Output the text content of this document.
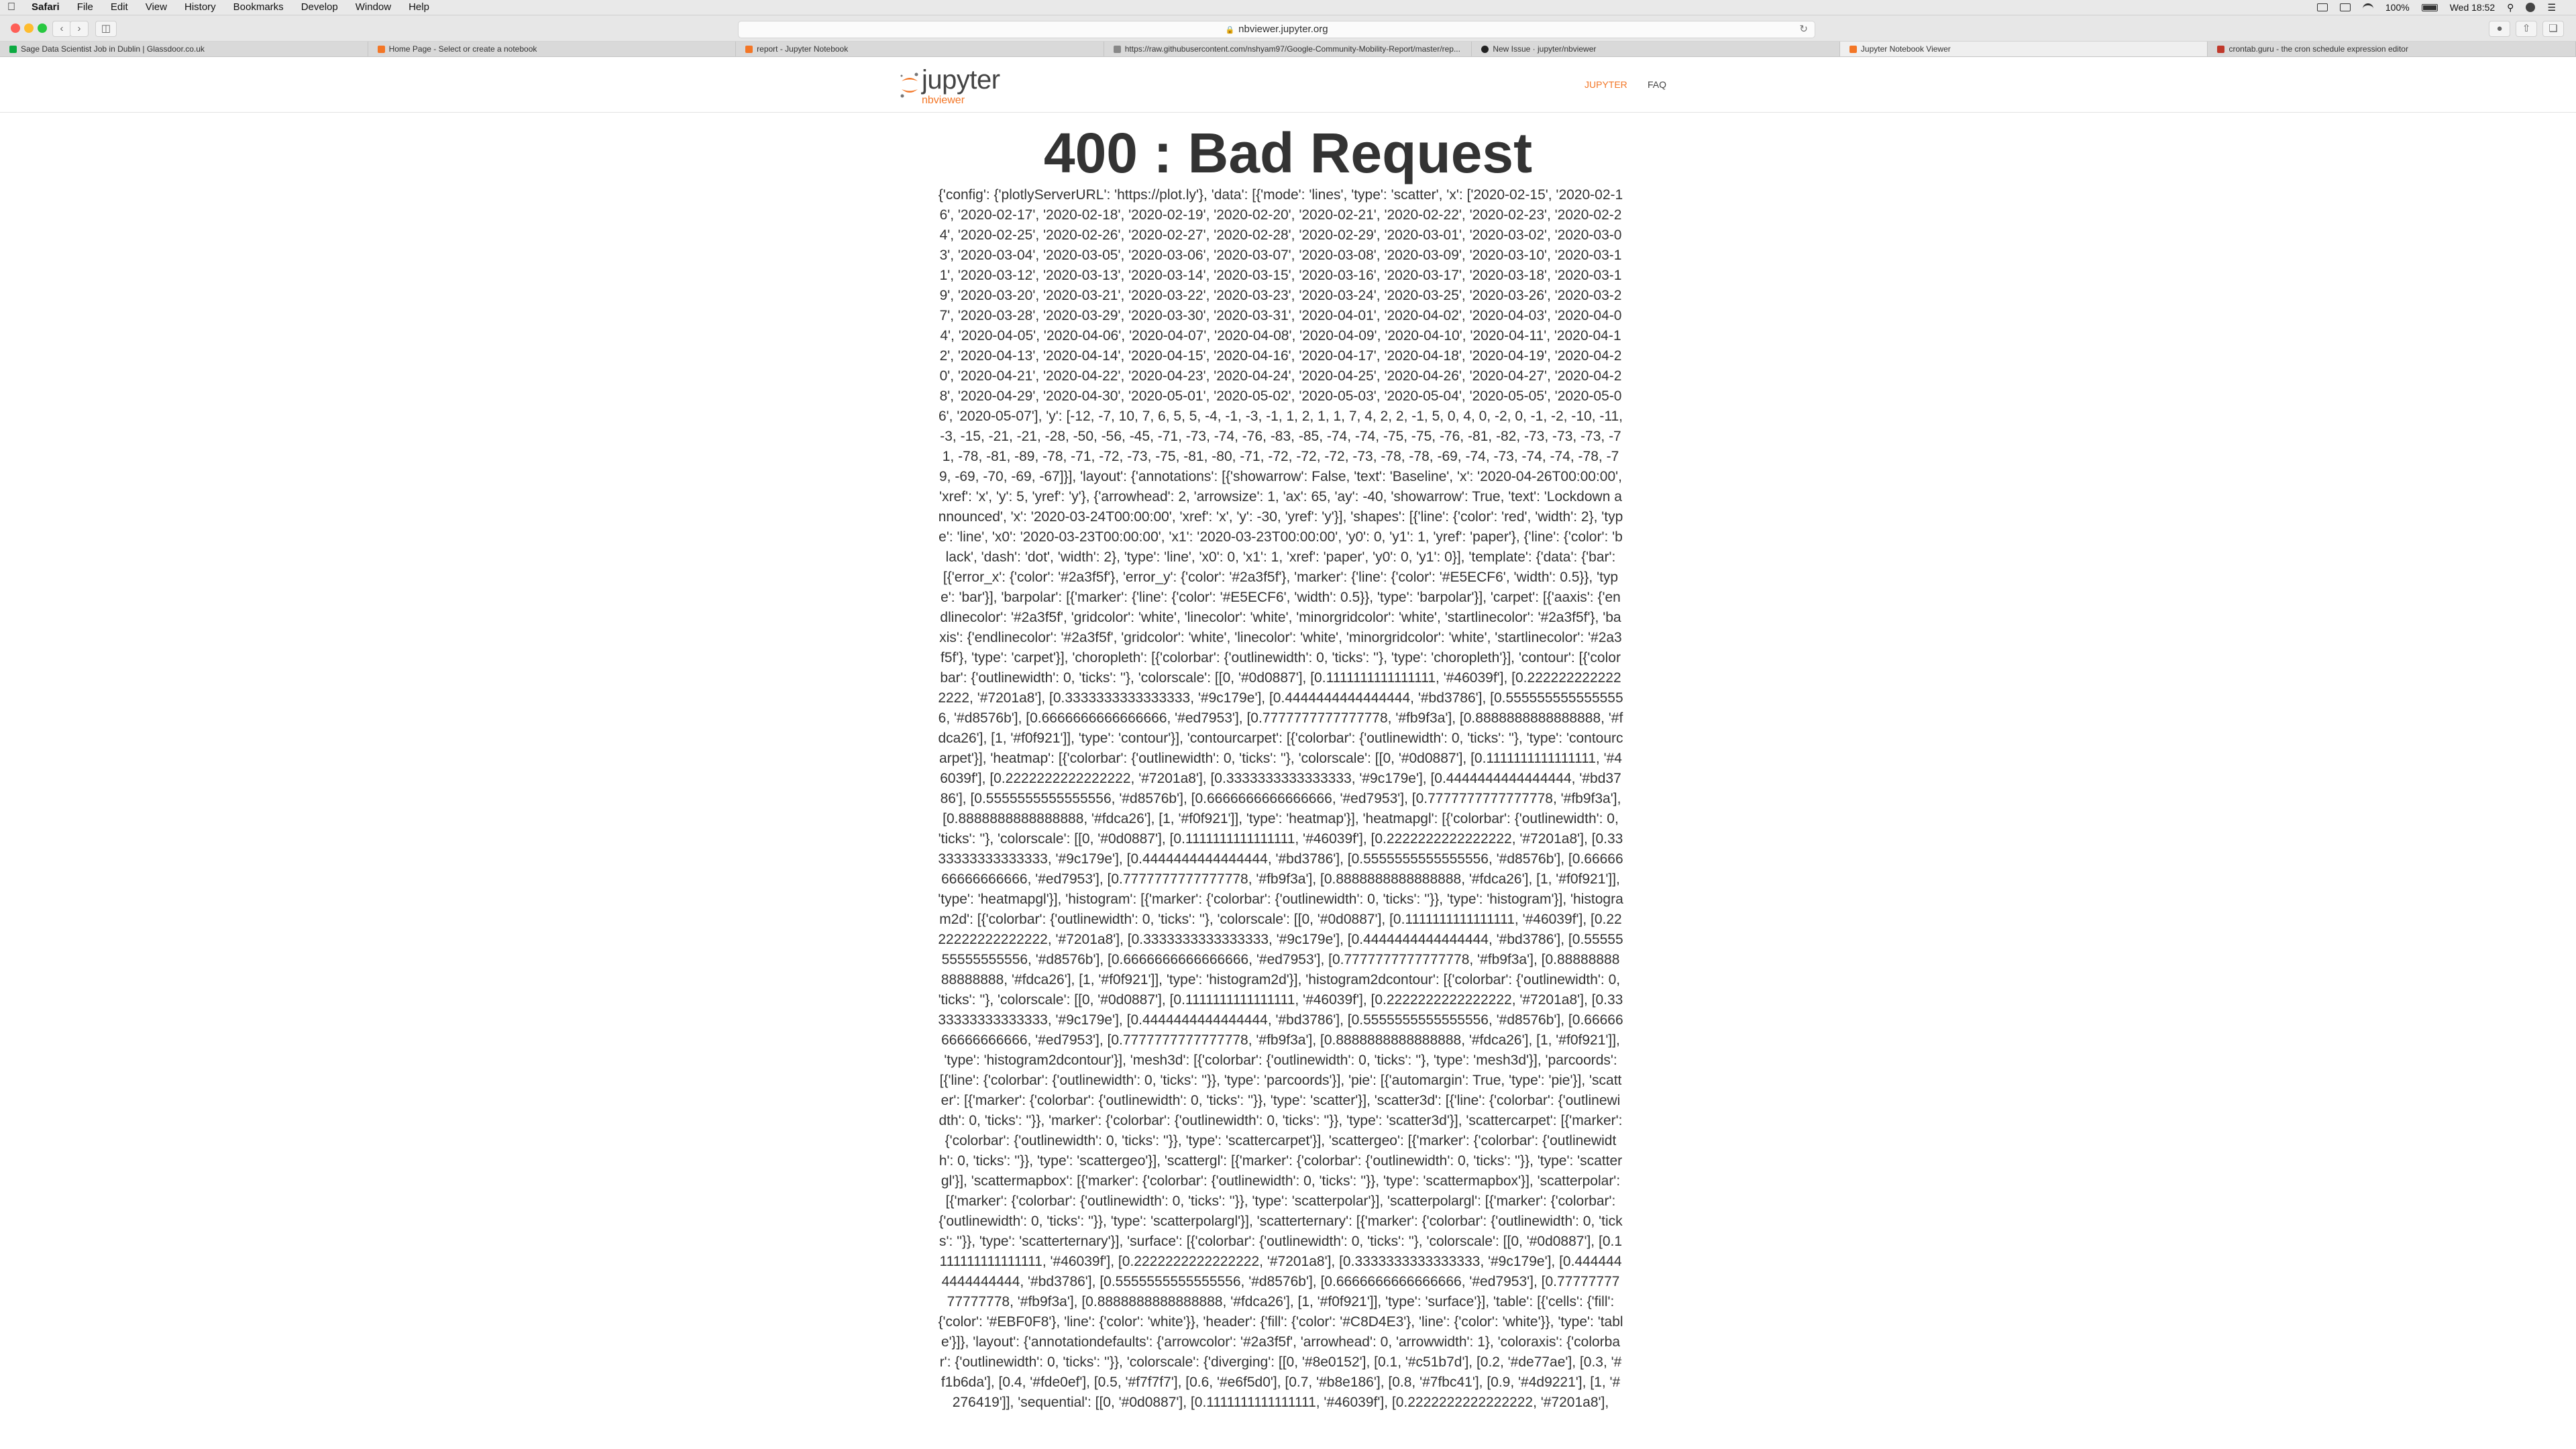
Safari	File	Edit	View	History	Bookmarks	Develop	Window	Help	100%	Wed 18:52 ⚲	☰
‹	›	◫	🔒 nbviewer.jupyter.org	↻	●	⇧	❏
Sage Data Scientist Job in Dublin | Glassdoor.co.uk	Home Page - Select or create a notebook	report - Jupyter Notebook	https://raw.githubusercontent.com/nshyam97/Google-Community-Mobility-Report/master/rep...	New Issue · jupyter/nbviewer	Jupyter Notebook Viewer	crontab.guru - the cron schedule expression editor
jupyter
nbviewer
JUPYTER FAQ
400 : Bad Request

{'config': {'plotlyServerURL': 'https://plot.ly'}, 'data': [{'mode': 'lines', 'type': 'scatter', 'x': ['2020-02-15', '2020-02-16', '2020-02-17', '2020-02-18', '2020-02-19', '2020-02-20', '2020-02-21', '2020-02-22', '2020-02-23', '2020-02-24', '2020-02-25', '2020-02-26', '2020-02-27', '2020-02-28', '2020-02-29', '2020-03-01', '2020-03-02', '2020-03-03', '2020-03-04', '2020-03-05', '2020-03-06', '2020-03-07', '2020-03-08', '2020-03-09', '2020-03-10', '2020-03-11', '2020-03-12', '2020-03-13', '2020-03-14', '2020-03-15', '2020-03-16', '2020-03-17', '2020-03-18', '2020-03-19', '2020-03-20', '2020-03-21', '2020-03-22', '2020-03-23', '2020-03-24', '2020-03-25', '2020-03-26', '2020-03-27', '2020-03-28', '2020-03-29', '2020-03-30', '2020-03-31', '2020-04-01', '2020-04-02', '2020-04-03', '2020-04-04', '2020-04-05', '2020-04-06', '2020-04-07', '2020-04-08', '2020-04-09', '2020-04-10', '2020-04-11', '2020-04-12', '2020-04-13', '2020-04-14', '2020-04-15', '2020-04-16', '2020-04-17', '2020-04-18', '2020-04-19', '2020-04-20', '2020-04-21', '2020-04-22', '2020-04-23', '2020-04-24', '2020-04-25', '2020-04-26', '2020-04-27', '2020-04-28', '2020-04-29', '2020-04-30', '2020-05-01', '2020-05-02', '2020-05-03', '2020-05-04', '2020-05-05', '2020-05-06', '2020-05-07'], 'y': [-12, -7, 10, 7, 6, 5, 5, -4, -1, -3, -1, 1, 2, 1, 1, 7, 4, 2, 2, -1, 5, 0, 4, 0, -2, 0, -1, -2, -10, -11, -3, -15, -21, -21, -28, -50, -56, -45, -71, -73, -74, -76, -83, -85, -74, -74, -75, -75, -76, -81, -82, -73, -73, -73, -71, -78, -81, -89, -78, -71, -72, -73, -75, -81, -80, -71, -72, -72, -72, -73, -78, -78, -69, -74, -73, -74, -74, -78, -79, -69, -70, -69, -67]}], 'layout': {'annotations': [{'showarrow': False, 'text': 'Baseline', 'x': '2020-04-26T00:00:00', 'xref': 'x', 'y': 5, 'yref': 'y'}, {'arrowhead': 2, 'arrowsize': 1, 'ax': 65, 'ay': -40, 'showarrow': True, 'text': 'Lockdown announced', 'x': '2020-03-24T00:00:00', 'xref': 'x', 'y': -30, 'yref': 'y'}], 'shapes': [{'line': {'color': 'red', 'width': 2}, 'type': 'line', 'x0': '2020-03-23T00:00:00', 'x1': '2020-03-23T00:00:00', 'y0': 0, 'y1': 1, 'yref': 'paper'}, {'line': {'color': 'black', 'dash': 'dot', 'width': 2}, 'type': 'line', 'x0': 0, 'x1': 1, 'xref': 'paper', 'y0': 0, 'y1': 0}], 'template': {'data': {'bar': [{'error_x': {'color': '#2a3f5f'}, 'error_y': {'color': '#2a3f5f'}, 'marker': {'line': {'color': '#E5ECF6', 'width': 0.5}}, 'type': 'bar'}], 'barpolar': [{'marker': {'line': {'color': '#E5ECF6', 'width': 0.5}}, 'type': 'barpolar'}], 'carpet': [{'aaxis': {'endlinecolor': '#2a3f5f', 'gridcolor': 'white', 'linecolor': 'white', 'minorgridcolor': 'white', 'startlinecolor': '#2a3f5f'}, 'baxis': {'endlinecolor': '#2a3f5f', 'gridcolor': 'white', 'linecolor': 'white', 'minorgridcolor': 'white', 'startlinecolor': '#2a3f5f'}, 'type': 'carpet'}], 'choropleth': [{'colorbar': {'outlinewidth': 0, 'ticks': ''}, 'type': 'choropleth'}], 'contour': [{'colorbar': {'outlinewidth': 0, 'ticks': ''}, 'colorscale': [[0, '#0d0887'], [0.1111111111111111, '#46039f'], [0.2222222222222222, '#7201a8'], [0.3333333333333333, '#9c179e'], [0.4444444444444444, '#bd3786'], [0.5555555555555556, '#d8576b'], [0.6666666666666666, '#ed7953'], [0.7777777777777778, '#fb9f3a'], [0.8888888888888888, '#fdca26'], [1, '#f0f921']], 'type': 'contour'}], 'contourcarpet': [{'colorbar': {'outlinewidth': 0, 'ticks': ''}, 'type': 'contourcarpet'}], 'heatmap': [{'colorbar': {'outlinewidth': 0, 'ticks': ''}, 'colorscale': [[0, '#0d0887'], [0.1111111111111111, '#46039f'], [0.2222222222222222, '#7201a8'], [0.3333333333333333, '#9c179e'], [0.4444444444444444, '#bd3786'], [0.5555555555555556, '#d8576b'], [0.6666666666666666, '#ed7953'], [0.7777777777777778, '#fb9f3a'], [0.8888888888888888, '#fdca26'], [1, '#f0f921']], 'type': 'heatmap'}], 'heatmapgl': [{'colorbar': {'outlinewidth': 0, 'ticks': ''}, 'colorscale': [[0, '#0d0887'], [0.1111111111111111, '#46039f'], [0.2222222222222222, '#7201a8'], [0.3333333333333333, '#9c179e'], [0.4444444444444444, '#bd3786'], [0.5555555555555556, '#d8576b'], [0.6666666666666666, '#ed7953'], [0.7777777777777778, '#fb9f3a'], [0.8888888888888888, '#fdca26'], [1, '#f0f921']], 'type': 'heatmapgl'}], 'histogram': [{'marker': {'colorbar': {'outlinewidth': 0, 'ticks': ''}}, 'type': 'histogram'}], 'histogram2d': [{'colorbar': {'outlinewidth': 0, 'ticks': ''}, 'colorscale': [[0, '#0d0887'], [0.1111111111111111, '#46039f'], [0.2222222222222222, '#7201a8'], [0.3333333333333333, '#9c179e'], [0.4444444444444444, '#bd3786'], [0.5555555555555556, '#d8576b'], [0.6666666666666666, '#ed7953'], [0.7777777777777778, '#fb9f3a'], [0.8888888888888888, '#fdca26'], [1, '#f0f921']], 'type': 'histogram2d'}], 'histogram2dcontour': [{'colorbar': {'outlinewidth': 0, 'ticks': ''}, 'colorscale': [[0, '#0d0887'], [0.1111111111111111, '#46039f'], [0.2222222222222222, '#7201a8'], [0.3333333333333333, '#9c179e'], [0.4444444444444444, '#bd3786'], [0.5555555555555556, '#d8576b'], [0.6666666666666666, '#ed7953'], [0.7777777777777778, '#fb9f3a'], [0.8888888888888888, '#fdca26'], [1, '#f0f921']], 'type': 'histogram2dcontour'}], 'mesh3d': [{'colorbar': {'outlinewidth': 0, 'ticks': ''}, 'type': 'mesh3d'}], 'parcoords': [{'line': {'colorbar': {'outlinewidth': 0, 'ticks': ''}}, 'type': 'parcoords'}], 'pie': [{'automargin': True, 'type': 'pie'}], 'scatter': [{'marker': {'colorbar': {'outlinewidth': 0, 'ticks': ''}}, 'type': 'scatter'}], 'scatter3d': [{'line': {'colorbar': {'outlinewidth': 0, 'ticks': ''}}, 'marker': {'colorbar': {'outlinewidth': 0, 'ticks': ''}}, 'type': 'scatter3d'}], 'scattercarpet': [{'marker': {'colorbar': {'outlinewidth': 0, 'ticks': ''}}, 'type': 'scattercarpet'}], 'scattergeo': [{'marker': {'colorbar': {'outlinewidth': 0, 'ticks': ''}}, 'type': 'scattergeo'}], 'scattergl': [{'marker': {'colorbar': {'outlinewidth': 0, 'ticks': ''}}, 'type': 'scattergl'}], 'scattermapbox': [{'marker': {'colorbar': {'outlinewidth': 0, 'ticks': ''}}, 'type': 'scattermapbox'}], 'scatterpolar': [{'marker': {'colorbar': {'outlinewidth': 0, 'ticks': ''}}, 'type': 'scatterpolar'}], 'scatterpolargl': [{'marker': {'colorbar': {'outlinewidth': 0, 'ticks': ''}}, 'type': 'scatterpolargl'}], 'scatterternary': [{'marker': {'colorbar': {'outlinewidth': 0, 'ticks': ''}}, 'type': 'scatterternary'}], 'surface': [{'colorbar': {'outlinewidth': 0, 'ticks': ''}, 'colorscale': [[0, '#0d0887'], [0.1111111111111111, '#46039f'], [0.2222222222222222, '#7201a8'], [0.3333333333333333, '#9c179e'], [0.4444444444444444, '#bd3786'], [0.5555555555555556, '#d8576b'], [0.6666666666666666, '#ed7953'], [0.7777777777777778, '#fb9f3a'], [0.8888888888888888, '#fdca26'], [1, '#f0f921']], 'type': 'surface'}], 'table': [{'cells': {'fill': {'color': '#EBF0F8'}, 'line': {'color': 'white'}}, 'header': {'fill': {'color': '#C8D4E3'}, 'line': {'color': 'white'}}, 'type': 'table'}]}, 'layout': {'annotationdefaults': {'arrowcolor': '#2a3f5f', 'arrowhead': 0, 'arrowwidth': 1}, 'coloraxis': {'colorbar': {'outlinewidth': 0, 'ticks': ''}}, 'colorscale': {'diverging': [[0, '#8e0152'], [0.1, '#c51b7d'], [0.2, '#de77ae'], [0.3, '#f1b6da'], [0.4, '#fde0ef'], [0.5, '#f7f7f7'], [0.6, '#e6f5d0'], [0.7, '#b8e186'], [0.8, '#7fbc41'], [0.9, '#4d9221'], [1, '#276419']], 'sequential': [[0, '#0d0887'], [0.1111111111111111, '#46039f'], [0.2222222222222222, '#7201a8'],
